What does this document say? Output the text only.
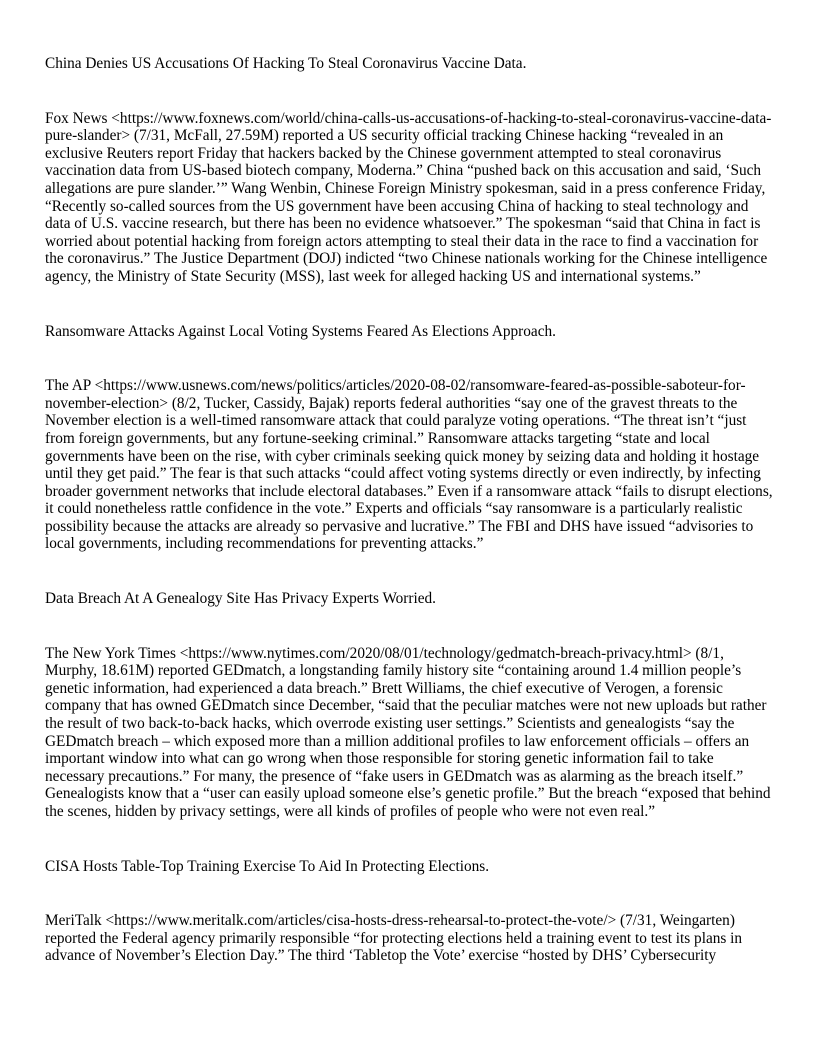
China Denies US Accusations Of Hacking To Steal Coronavirus Vaccine Data.

Fox News <https://www.foxnews.com/world/china-calls-us-accusations-of-hacking-to-steal-coronavirus-vaccine-data-pure-slander> (7/31, McFall, 27.59M) reported a US security official tracking Chinese hacking “revealed in an exclusive Reuters report Friday that hackers backed by the Chinese government attempted to steal coronavirus vaccination data from US-based biotech company, Moderna.” China “pushed back on this accusation and said, ‘Such allegations are pure slander.’” Wang Wenbin, Chinese Foreign Ministry spokesman, said in a press conference Friday, “Recently so-called sources from the US government have been accusing China of hacking to steal technology and data of U.S. vaccine research, but there has been no evidence whatsoever.” The spokesman “said that China in fact is worried about potential hacking from foreign actors attempting to steal their data in the race to find a vaccination for the coronavirus.” The Justice Department (DOJ) indicted “two Chinese nationals working for the Chinese intelligence agency, the Ministry of State Security (MSS), last week for alleged hacking US and international systems.”

Ransomware Attacks Against Local Voting Systems Feared As Elections Approach.

The AP <https://www.usnews.com/news/politics/articles/2020-08-02/ransomware-feared-as-possible-saboteur-for-november-election> (8/2, Tucker, Cassidy, Bajak) reports federal authorities “say one of the gravest threats to the November election is a well-timed ransomware attack that could paralyze voting operations. “The threat isn’t “just from foreign governments, but any fortune-seeking criminal.” Ransomware attacks targeting “state and local governments have been on the rise, with cyber criminals seeking quick money by seizing data and holding it hostage until they get paid.” The fear is that such attacks “could affect voting systems directly or even indirectly, by infecting broader government networks that include electoral databases.” Even if a ransomware attack “fails to disrupt elections, it could nonetheless rattle confidence in the vote.” Experts and officials “say ransomware is a particularly realistic possibility because the attacks are already so pervasive and lucrative.” The FBI and DHS have issued “advisories to local governments, including recommendations for preventing attacks.”

Data Breach At A Genealogy Site Has Privacy Experts Worried.

The New York Times <https://www.nytimes.com/2020/08/01/technology/gedmatch-breach-privacy.html> (8/1, Murphy, 18.61M) reported GEDmatch, a longstanding family history site “containing around 1.4 million people’s genetic information, had experienced a data breach.” Brett Williams, the chief executive of Verogen, a forensic company that has owned GEDmatch since December, “said that the peculiar matches were not new uploads but rather the result of two back-to-back hacks, which overrode existing user settings.” Scientists and genealogists “say the GEDmatch breach – which exposed more than a million additional profiles to law enforcement officials – offers an important window into what can go wrong when those responsible for storing genetic information fail to take necessary precautions.” For many, the presence of “fake users in GEDmatch was as alarming as the breach itself.” Genealogists know that a “user can easily upload someone else’s genetic profile.” But the breach “exposed that behind the scenes, hidden by privacy settings, were all kinds of profiles of people who were not even real.”

CISA Hosts Table-Top Training Exercise To Aid In Protecting Elections.

MeriTalk <https://www.meritalk.com/articles/cisa-hosts-dress-rehearsal-to-protect-the-vote/> (7/31, Weingarten) reported the Federal agency primarily responsible “for protecting elections held a training event to test its plans in advance of November’s Election Day.” The third ‘Tabletop the Vote’ exercise “hosted by DHS’ Cybersecurity
